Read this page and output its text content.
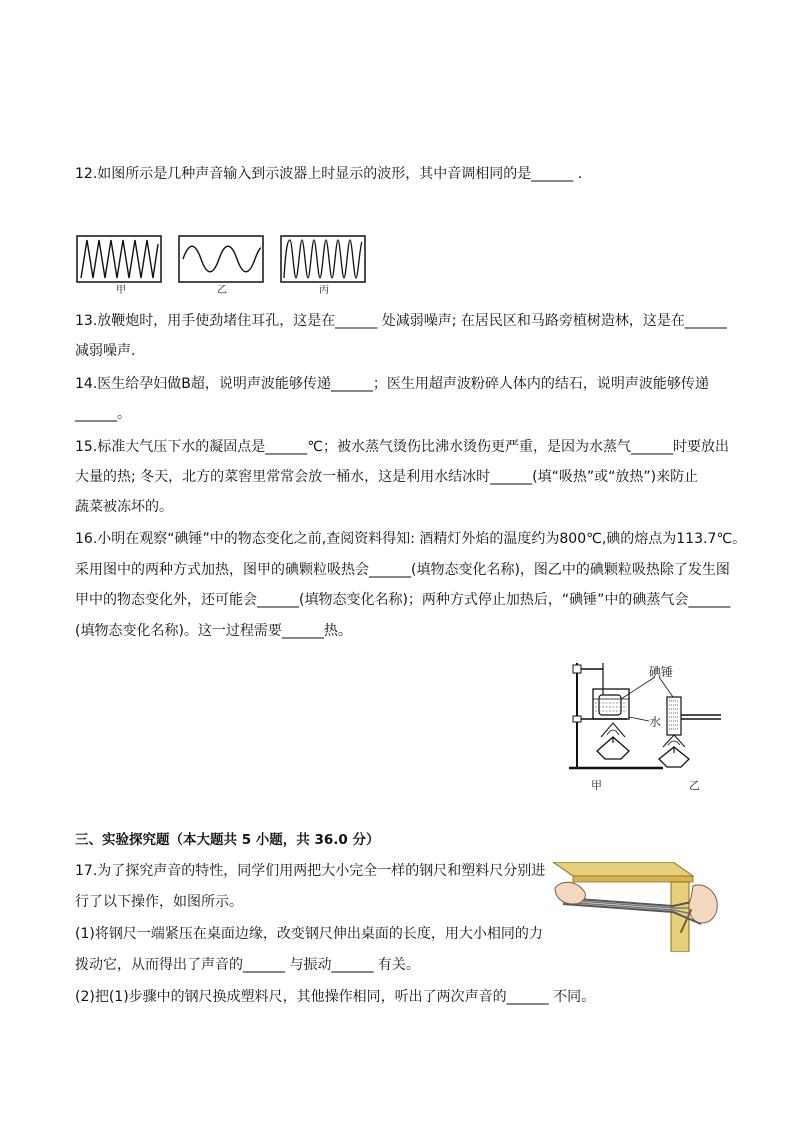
12.如图所示是几种声音输入到示波器上时显示的波形，其中音调相同的是______ .
甲	乙	丙
13.放鞭炮时，用手使劲堵住耳孔，这是在______ 处减弱噪声; 在居民区和马路旁植树造林，这是在______
减弱噪声.
14.医生给孕妇做B超，说明声波能够传递______；医生用超声波粉碎人体内的结石，说明声波能够传递
______。
15.标准大气压下水的凝固点是______℃；被水蒸气烫伤比沸水烫伤更严重，是因为水蒸气______时要放出
大量的热; 冬天，北方的菜窖里常常会放一桶水，这是利用水结冰时______(填“吸热”或“放热”)来防止
蔬菜被冻坏的。
16.小明在观察“碘锤”中的物态变化之前,查阅资料得知: 酒精灯外焰的温度约为800℃,碘的熔点为113.7℃。
采用图中的两种方式加热，图甲的碘颗粒吸热会______(填物态变化名称)，图乙中的碘颗粒吸热除了发生图
甲中的物态变化外，还可能会______(填物态变化名称)；两种方式停止加热后，“碘锤”中的碘蒸气会______
(填物态变化名称)。这一过程需要______热。
碘锤
水
甲	乙
三、实验探究题（本大题共 5 小题，共 36.0 分）
17.为了探究声音的特性，同学们用两把大小完全一样的钢尺和塑料尺分别进
行了以下操作，如图所示。
(1)将钢尺一端紧压在桌面边缘，改变钢尺伸出桌面的长度，用大小相同的力
拨动它，从而得出了声音的______ 与振动______ 有关。
(2)把(1)步骤中的钢尺换成塑料尺，其他操作相同，听出了两次声音的______ 不同。
